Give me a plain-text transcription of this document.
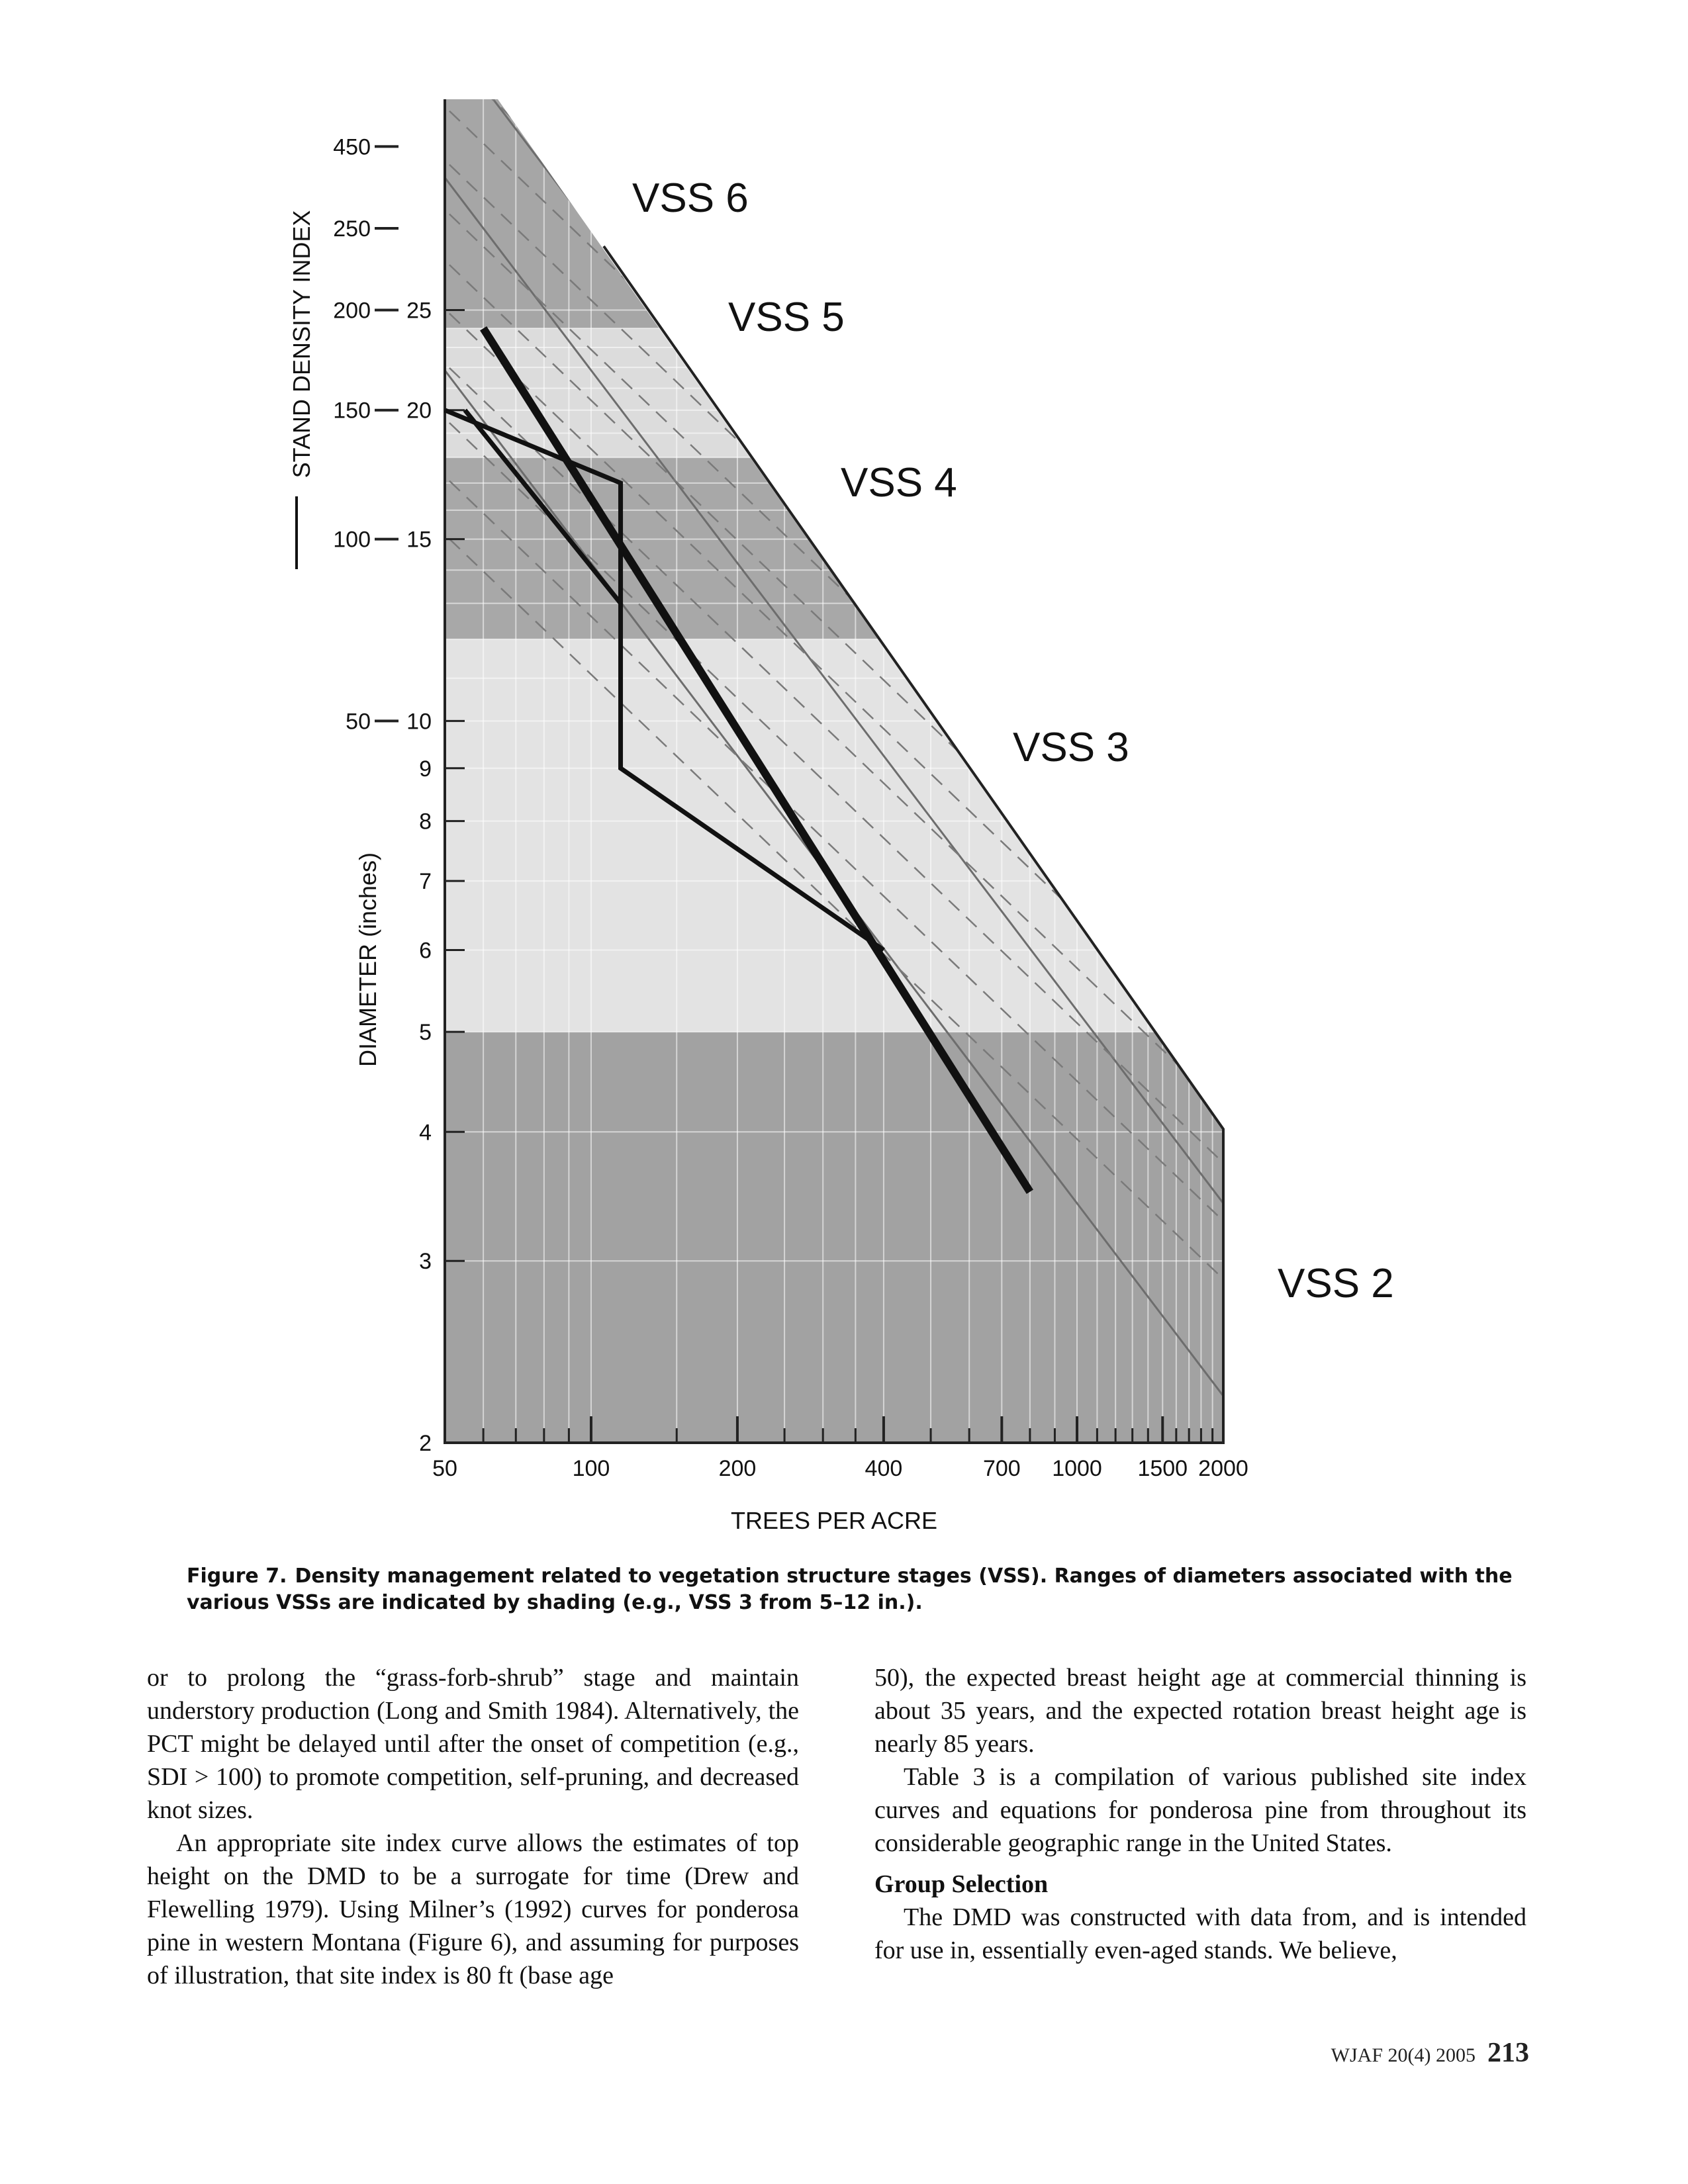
50	100	200	400	700 1000 1500 2000
2
3
4
5
6
7
8
9
10
15
20
25
50
100
150
200
250
450
TREES PER ACRE
DIAMETER (inches)
STAND DENSITY INDEX
VSS 6
VSS 5
VSS 4
VSS 3
VSS 2
Figure 7. Density management related to vegetation structure stages (VSS). Ranges of diameters associated with the various VSSs are indicated by shading (e.g., VSS 3 from 5–12 in.).

or to prolong the “grass-forb-shrub” stage and maintain understory production (Long and Smith 1984). Alternatively, the PCT might be delayed until after the onset of competition (e.g., SDI > 100) to promote competition, self-pruning, and decreased knot sizes.

An appropriate site index curve allows the estimates of top height on the DMD to be a surrogate for time (Drew and Flewelling 1979). Using Milner’s (1992) curves for ponderosa pine in western Montana (Figure 6), and assuming for purposes of illustration, that site index is 80 ft (base age

50), the expected breast height age at commercial thinning is about 35 years, and the expected rotation breast height age is nearly 85 years.

Table 3 is a compilation of various published site index curves and equations for ponderosa pine from throughout its considerable geographic range in the United States.

Group Selection

The DMD was constructed with data from, and is intended for use in, essentially even-aged stands. We believe,

WJAF 20(4) 2005 213
